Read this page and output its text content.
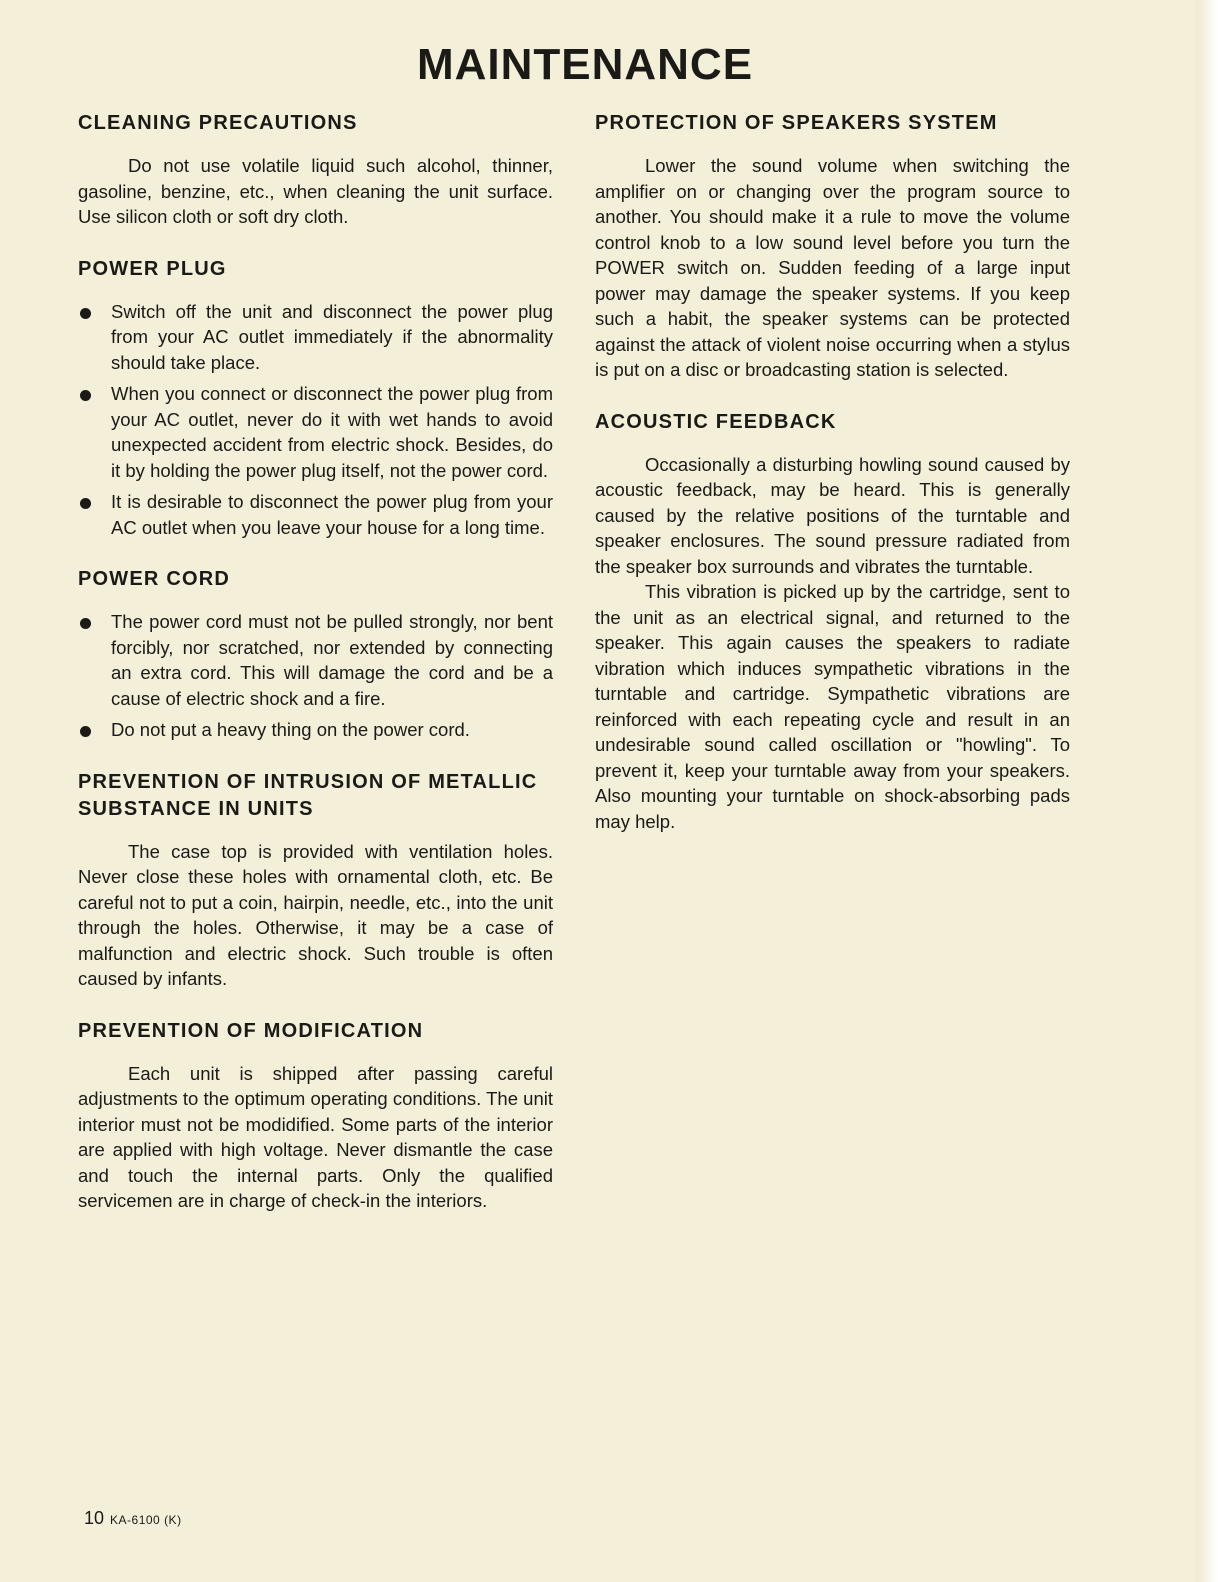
MAINTENANCE
CLEANING PRECAUTIONS

Do not use volatile liquid such alcohol, thinner, gasoline, benzine, etc., when cleaning the unit surface. Use silicon cloth or soft dry cloth.

POWER PLUG
Switch off the unit and disconnect the power plug from your AC outlet immediately if the abnormality should take place.
When you connect or disconnect the power plug from your AC outlet, never do it with wet hands to avoid unexpected accident from electric shock. Besides, do it by holding the power plug itself, not the power cord.
It is desirable to disconnect the power plug from your AC outlet when you leave your house for a long time.
POWER CORD
The power cord must not be pulled strongly, nor bent forcibly, nor scratched, nor extended by connecting an extra cord. This will damage the cord and be a cause of electric shock and a fire.
Do not put a heavy thing on the power cord.
PREVENTION OF INTRUSION OF METALLIC SUBSTANCE IN UNITS

The case top is provided with ventilation holes. Never close these holes with ornamental cloth, etc. Be careful not to put a coin, hairpin, needle, etc., into the unit through the holes. Otherwise, it may be a case of malfunction and electric shock. Such trouble is often caused by infants.

PREVENTION OF MODIFICATION

Each unit is shipped after passing careful adjustments to the optimum operating conditions. The unit interior must not be modidified. Some parts of the interior are applied with high voltage. Never dismantle the case and touch the internal parts. Only the qualified servicemen are in charge of check-in the interiors.

PROTECTION OF SPEAKERS SYSTEM

Lower the sound volume when switching the amplifier on or changing over the program source to another. You should make it a rule to move the volume control knob to a low sound level before you turn the POWER switch on. Sudden feeding of a large input power may damage the speaker systems. If you keep such a habit, the speaker systems can be protected against the attack of violent noise occurring when a stylus is put on a disc or broadcasting station is selected.

ACOUSTIC FEEDBACK

Occasionally a disturbing howling sound caused by acoustic feedback, may be heard. This is generally caused by the relative positions of the turntable and speaker enclosures. The sound pressure radiated from the speaker box surrounds and vibrates the turntable.

This vibration is picked up by the cartridge, sent to the unit as an electrical signal, and returned to the speaker. This again causes the speakers to radiate vibration which induces sympathetic vibrations in the turntable and cartridge. Sympathetic vibrations are reinforced with each repeating cycle and result in an undesirable sound called oscillation or "howling". To prevent it, keep your turntable away from your speakers. Also mounting your turntable on shock-absorbing pads may help.

10 KA-6100 (K)
